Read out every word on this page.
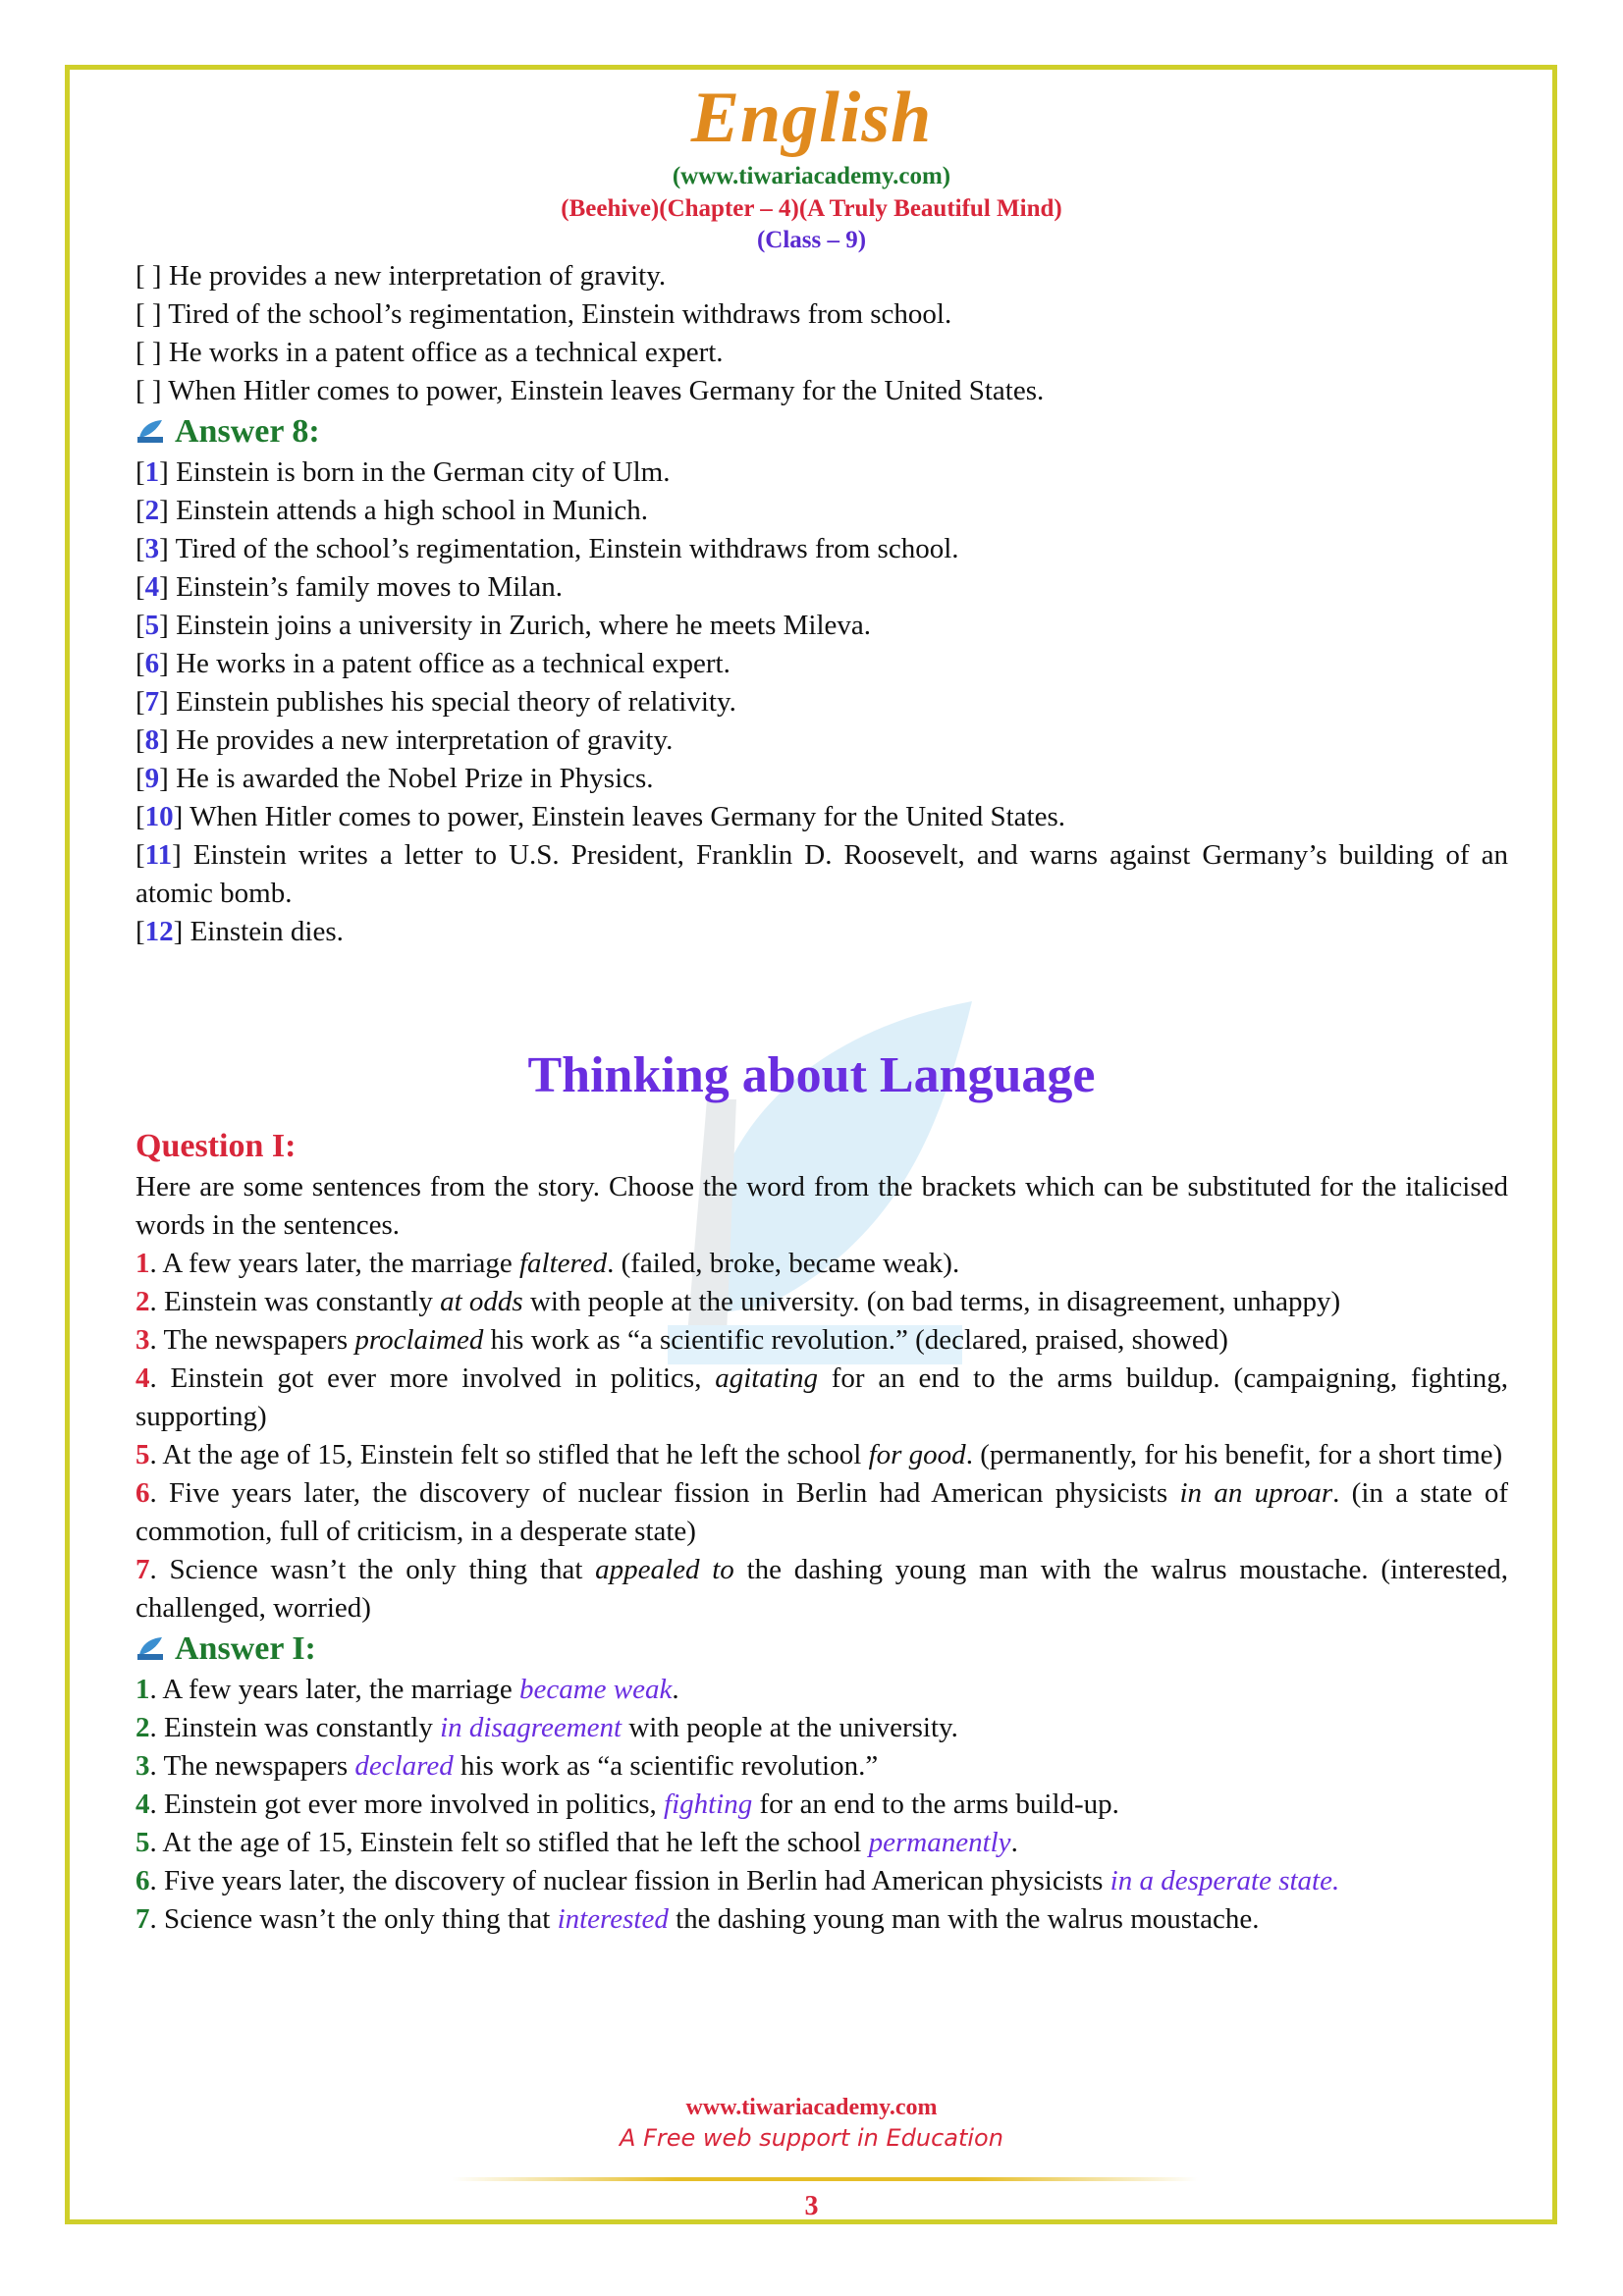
English
(www.tiwariacademy.com)
(Beehive)(Chapter – 4)(A Truly Beautiful Mind)
(Class – 9)
[ ] He provides a new interpretation of gravity.
[ ] Tired of the school’s regimentation, Einstein withdraws from school.
[ ] He works in a patent office as a technical expert.
[ ] When Hitler comes to power, Einstein leaves Germany for the United States.
Answer 8:
[1] Einstein is born in the German city of Ulm.
[2] Einstein attends a high school in Munich.
[3] Tired of the school’s regimentation, Einstein withdraws from school.
[4] Einstein’s family moves to Milan.
[5] Einstein joins a university in Zurich, where he meets Mileva.
[6] He works in a patent office as a technical expert.
[7] Einstein publishes his special theory of relativity.
[8] He provides a new interpretation of gravity.
[9] He is awarded the Nobel Prize in Physics.
[10] When Hitler comes to power, Einstein leaves Germany for the United States.
[11] Einstein writes a letter to U.S. President, Franklin D. Roosevelt, and warns against Germany’s building of an atomic bomb.
[12] Einstein dies.
Thinking about Language
Question I:
Here are some sentences from the story. Choose the word from the brackets which can be substituted for the italicised words in the sentences.
1. A few years later, the marriage faltered. (failed, broke, became weak).
2. Einstein was constantly at odds with people at the university. (on bad terms, in disagreement, unhappy)
3. The newspapers proclaimed his work as “a scientific revolution.” (declared, praised, showed)
4. Einstein got ever more involved in politics, agitating for an end to the arms buildup. (campaigning, fighting, supporting)
5. At the age of 15, Einstein felt so stifled that he left the school for good. (permanently, for his benefit, for a short time)
6. Five years later, the discovery of nuclear fission in Berlin had American physicists in an uproar. (in a state of commotion, full of criticism, in a desperate state)
7. Science wasn’t the only thing that appealed to the dashing young man with the walrus moustache. (interested, challenged, worried)
Answer I:
1. A few years later, the marriage became weak.
2. Einstein was constantly in disagreement with people at the university.
3. The newspapers declared his work as “a scientific revolution.”
4. Einstein got ever more involved in politics, fighting for an end to the arms build-up.
5. At the age of 15, Einstein felt so stifled that he left the school permanently.
6. Five years later, the discovery of nuclear fission in Berlin had American physicists in a desperate state.
7. Science wasn’t the only thing that interested the dashing young man with the walrus moustache.
www.tiwariacademy.com
A Free web support in Education
3
